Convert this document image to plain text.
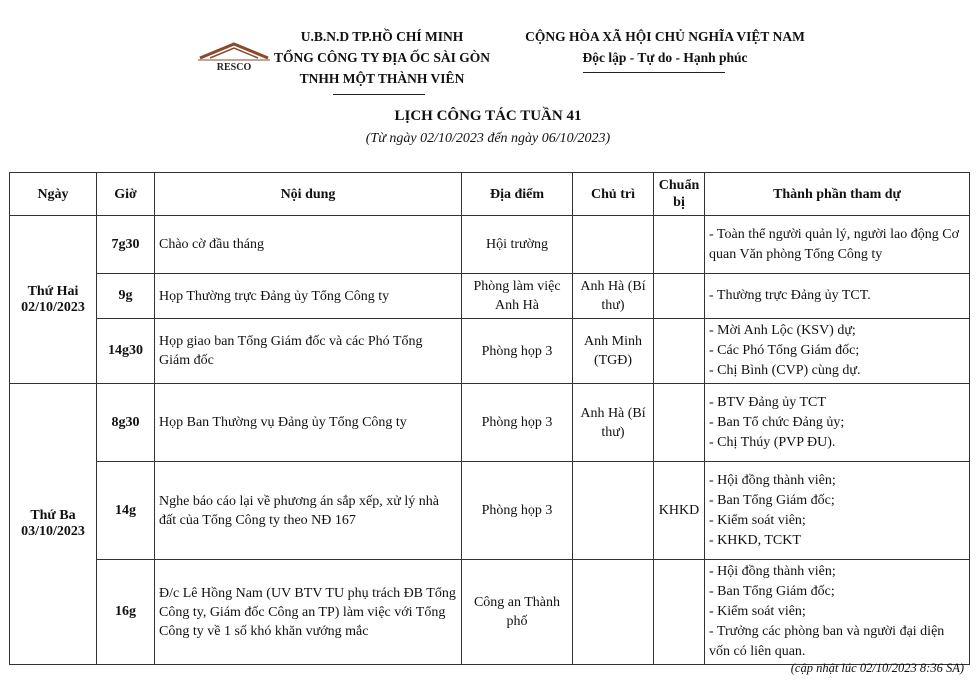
RESCO
U.B.N.D TP.HỒ CHÍ MINH
TỔNG CÔNG TY ĐỊA ỐC SÀI GÒN
TNHH MỘT THÀNH VIÊN
CỘNG HÒA XÃ HỘI CHỦ NGHĨA VIỆT NAM
Độc lập - Tự do - Hạnh phúc
LỊCH CÔNG TÁC TUẦN 41
(Từ ngày 02/10/2023 đến ngày 06/10/2023)
Ngày	Giờ	Nội dung	Địa điểm	Chủ trì	Chuẩn bị	Thành phần tham dự

Thứ Hai
02/10/2023	7g30	Chào cờ đầu tháng	Hội trường			- Toàn thể người quản lý, người lao động Cơ quan Văn phòng Tổng Công ty

	9g	Họp Thường trực Đảng ủy Tổng Công ty	Phòng làm việc Anh Hà	Anh Hà (Bí thư)		- Thường trực Đảng ủy TCT.

	14g30	Họp giao ban Tổng Giám đốc và các Phó Tổng Giám đốc	Phòng họp 3	Anh Minh (TGĐ)		- Mời Anh Lộc (KSV) dự;
- Các Phó Tổng Giám đốc;
- Chị Bình (CVP) cùng dự.

Thứ Ba
03/10/2023	8g30	Họp Ban Thường vụ Đảng ủy Tổng Công ty	Phòng họp 3	Anh Hà (Bí thư)		- BTV Đảng ủy TCT
- Ban Tổ chức Đảng ủy;
- Chị Thúy (PVP ĐU).

	14g	Nghe báo cáo lại về phương án sắp xếp, xử lý nhà đất của Tổng Công ty theo NĐ 167	Phòng họp 3		KHKD	- Hội đồng thành viên;
- Ban Tổng Giám đốc;
- Kiểm soát viên;
- KHKD, TCKT

	16g	Đ/c Lê Hồng Nam (UV BTV TU phụ trách ĐB Tổng Công ty, Giám đốc Công an TP) làm việc với Tổng Công ty về 1 số khó khăn vướng mắc	Công an Thành phố			- Hội đồng thành viên;
- Ban Tổng Giám đốc;
- Kiểm soát viên;
- Trưởng các phòng ban và người đại diện vốn có liên quan.
(cập nhật lúc 02/10/2023 8:36 SA)
